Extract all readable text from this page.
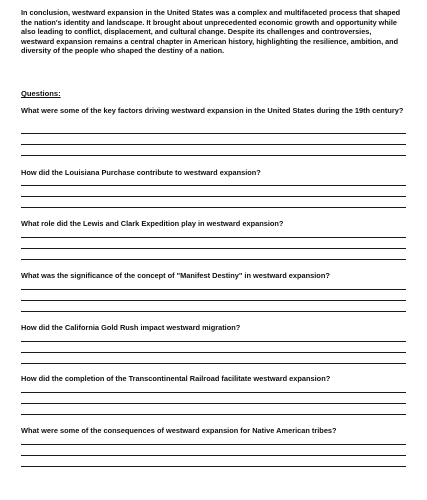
In conclusion, westward expansion in the United States was a complex and multifaceted process that shaped the nation's identity and landscape. It brought about unprecedented economic growth and opportunity while also leading to conflict, displacement, and cultural change. Despite its challenges and controversies, westward expansion remains a central chapter in American history, highlighting the resilience, ambition, and diversity of the people who shaped the destiny of a nation.

Questions:

What were some of the key factors driving westward expansion in the United States during the 19th century?

How did the Louisiana Purchase contribute to westward expansion?

What role did the Lewis and Clark Expedition play in westward expansion?

What was the significance of the concept of "Manifest Destiny" in westward expansion?

How did the California Gold Rush impact westward migration?

How did the completion of the Transcontinental Railroad facilitate westward expansion?

What were some of the consequences of westward expansion for Native American tribes?
